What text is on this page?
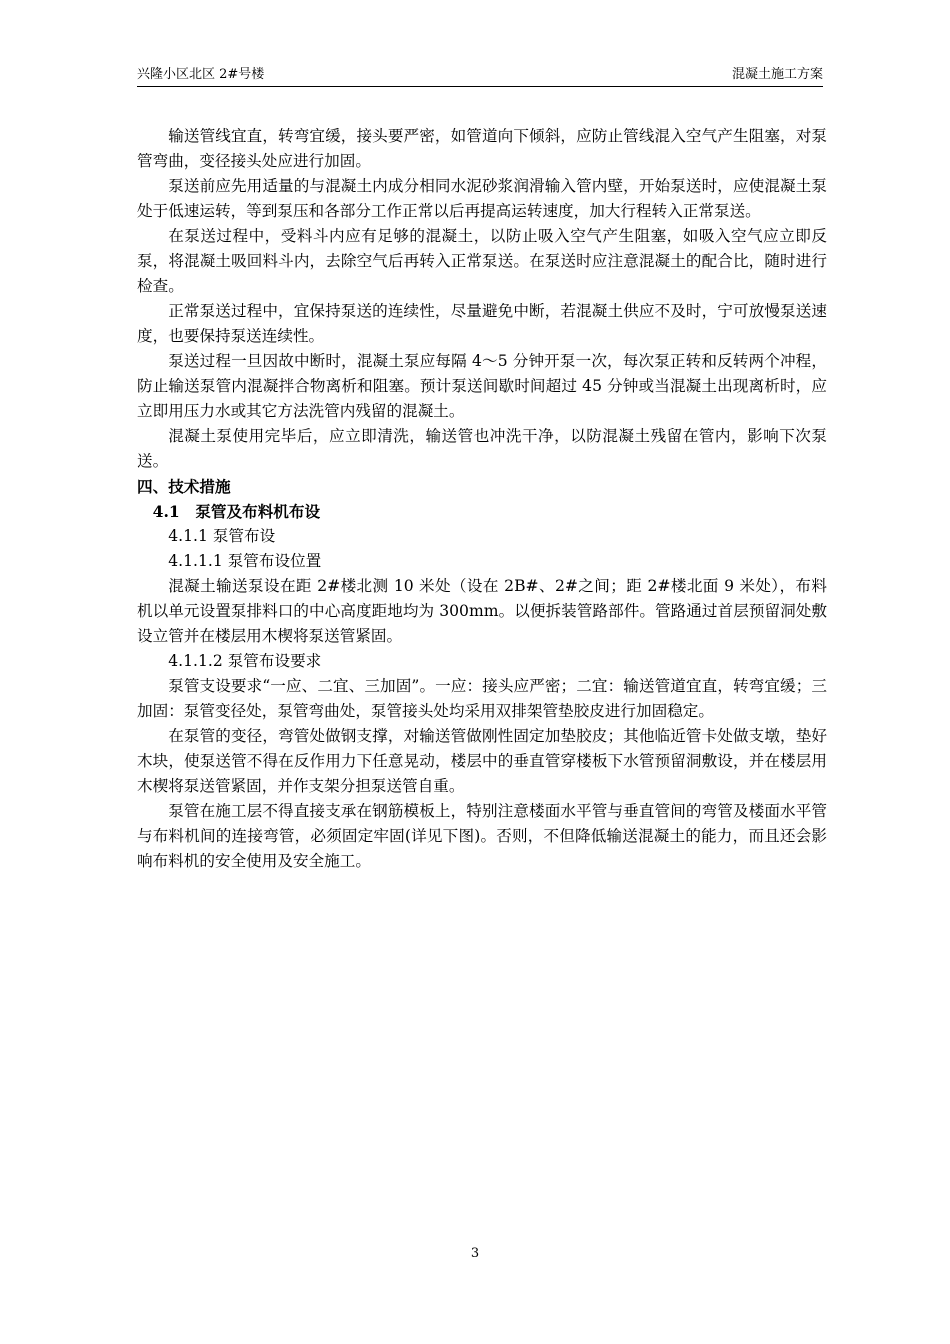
兴隆小区北区 2#号楼	混凝土施工方案

输送管线宜直，转弯宜缓，接头要严密，如管道向下倾斜，应防止管线混入空气产生阻塞，对泵管弯曲，变径接头处应进行加固。

泵送前应先用适量的与混凝土内成分相同水泥砂浆润滑输入管内壁，开始泵送时，应使混凝土泵处于低速运转，等到泵压和各部分工作正常以后再提高运转速度，加大行程转入正常泵送。

在泵送过程中，受料斗内应有足够的混凝土，以防止吸入空气产生阻塞，如吸入空气应立即反泵，将混凝土吸回料斗内，去除空气后再转入正常泵送。在泵送时应注意混凝土的配合比，随时进行检查。

正常泵送过程中，宜保持泵送的连续性，尽量避免中断，若混凝土供应不及时，宁可放慢泵送速度，也要保持泵送连续性。

泵送过程一旦因故中断时，混凝土泵应每隔 4～5 分钟开泵一次，每次泵正转和反转两个冲程，防止输送泵管内混凝拌合物离析和阻塞。预计泵送间歇时间超过 45 分钟或当混凝土出现离析时，应立即用压力水或其它方法洗管内残留的混凝土。

混凝土泵使用完毕后，应立即清洗，输送管也冲洗干净，以防混凝土残留在管内，影响下次泵送。

四、技术措施

4.1　泵管及布料机布设

4.1.1 泵管布设

4.1.1.1 泵管布设位置

混凝土输送泵设在距 2#楼北测 10 米处（设在 2B#、2#之间；距 2#楼北面 9 米处），布料机以单元设置泵排料口的中心高度距地均为 300mm。以便拆装管路部件。管路通过首层预留洞处敷设立管并在楼层用木楔将泵送管紧固。

4.1.1.2 泵管布设要求

泵管支设要求“一应、二宜、三加固”。一应：接头应严密；二宜：输送管道宜直，转弯宜缓；三加固：泵管变径处，泵管弯曲处，泵管接头处均采用双排架管垫胶皮进行加固稳定。

在泵管的变径，弯管处做钢支撑，对输送管做刚性固定加垫胶皮；其他临近管卡处做支墩，垫好木块，使泵送管不得在反作用力下任意晃动，楼层中的垂直管穿楼板下水管预留洞敷设，并在楼层用木楔将泵送管紧固，并作支架分担泵送管自重。

泵管在施工层不得直接支承在钢筋模板上，特别注意楼面水平管与垂直管间的弯管及楼面水平管与布料机间的连接弯管，必须固定牢固(详见下图)。否则，不但降低输送混凝土的能力，而且还会影响布料机的安全使用及安全施工。

3
